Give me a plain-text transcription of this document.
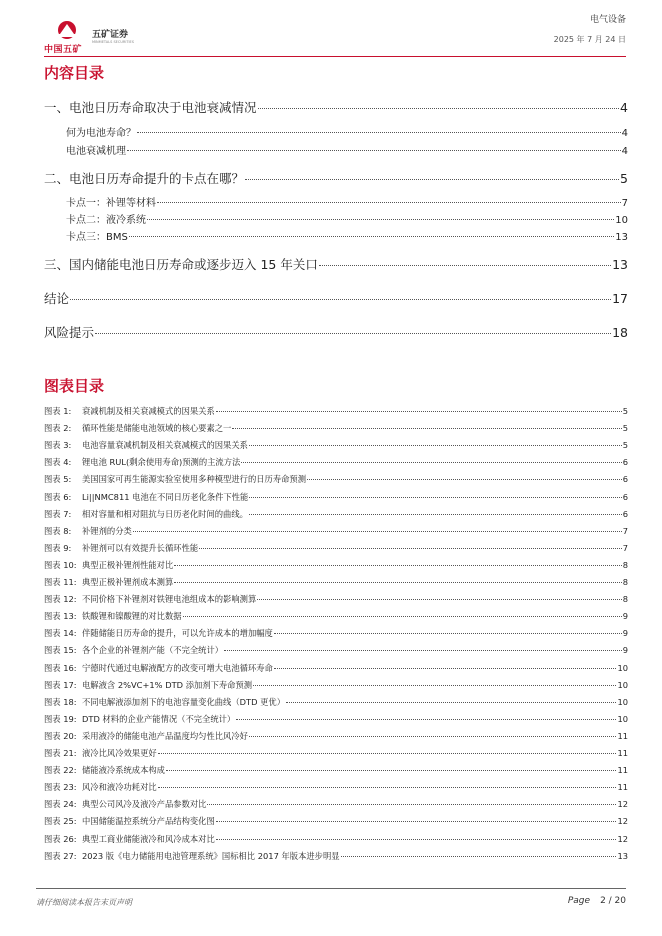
中国五矿
五矿证券
MINMETALS SECURITIES
电气设备
2025 年 7 月 24 日
内容目录
一、电池日历寿命取决于电池衰减情况	4
何为电池寿命？	4
电池衰减机理	4
二、电池日历寿命提升的卡点在哪？	5
卡点一：补锂等材料	7
卡点二：液冷系统	10
卡点三：BMS	13
三、国内储能电池日历寿命或逐步迈入 15 年关口	13
结论	17
风险提示	18
图表目录
图表 1: 衰减机制及相关衰减模式的因果关系	5
图表 2: 循环性能是储能电池领域的核心要素之一	5
图表 3: 电池容量衰减机制及相关衰减模式的因果关系	5
图表 4: 锂电池 RUL(剩余使用寿命)预测的主流方法	6
图表 5: 美国国家可再生能源实验室使用多种模型进行的日历寿命预测	6
图表 6: Li||NMC811 电池在不同日历老化条件下性能	6
图表 7: 相对容量和相对阻抗与日历老化时间的曲线。	6
图表 8: 补锂剂的分类	7
图表 9: 补锂剂可以有效提升长循环性能	7
图表 10: 典型正极补锂剂性能对比	8
图表 11: 典型正极补锂剂成本测算	8
图表 12: 不同价格下补锂剂对铁锂电池组成本的影响测算	8
图表 13: 铁酸锂和镍酸锂的对比数据	9
图表 14: 伴随储能日历寿命的提升，可以允许成本的增加幅度	9
图表 15: 各个企业的补锂剂产能（不完全统计）	9
图表 16: 宁德时代通过电解液配方的改变可增大电池循环寿命	10
图表 17: 电解液含 2%VC+1% DTD 添加剂下寿命预测	10
图表 18: 不同电解液添加剂下的电池容量变化曲线（DTD 更优）	10
图表 19: DTD 材料的企业产能情况（不完全统计）	10
图表 20: 采用液冷的储能电池产品温度均匀性比风冷好	11
图表 21: 液冷比风冷效果更好	11
图表 22: 储能液冷系统成本构成	11
图表 23: 风冷和液冷功耗对比	11
图表 24: 典型公司风冷及液冷产品参数对比	12
图表 25: 中国储能温控系统分产品结构变化图	12
图表 26: 典型工商业储能液冷和风冷成本对比	12
图表 27: 2023 版《电力储能用电池管理系统》国标相比 2017 年版本进步明显	13
请仔细阅读本报告末页声明	Page 2 / 20
